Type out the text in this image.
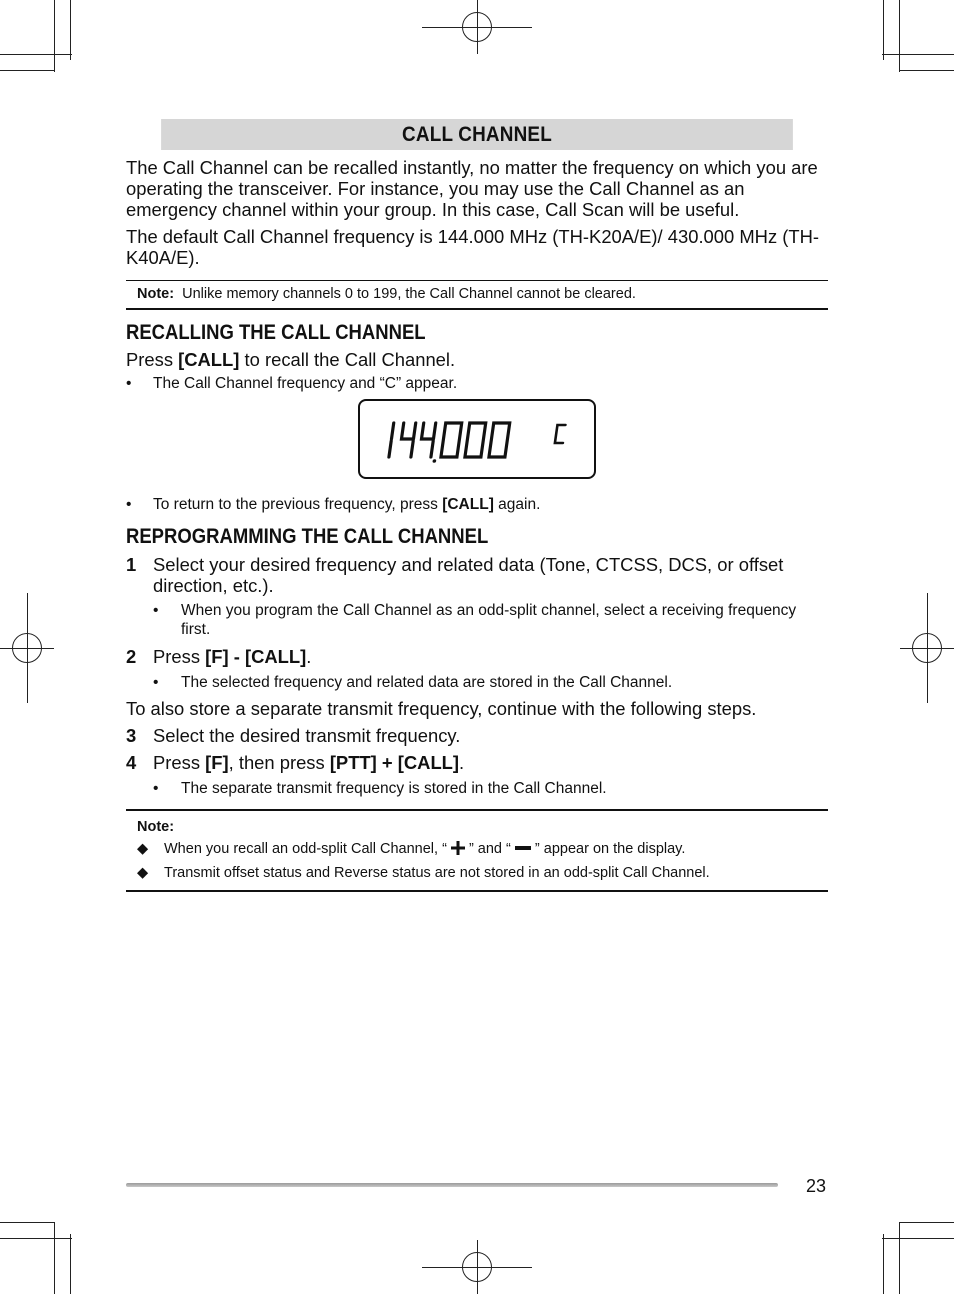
CALL CHANNEL

The Call Channel can be recalled instantly, no matter the frequency on which you are operating the transceiver. For instance, you may use the Call Channel as an emergency channel within your group. In this case, Call Scan will be useful.

The default Call Channel frequency is 144.000 MHz (TH-K20A/E)/ 430.000 MHz (TH-K40A/E).

Note: Unlike memory channels 0 to 199, the Call Channel cannot be cleared.
RECALLING THE CALL CHANNEL

Press [CALL] to recall the Call Channel.

• The Call Channel frequency and “C” appear.
• To return to the previous frequency, press [CALL] again.
REPROGRAMMING THE CALL CHANNEL
1 Select your desired frequency and related data (Tone, CTCSS, DCS, or offset direction, etc.).
• When you program the Call Channel as an odd-split channel, select a receiving frequency first.
2 Press [F] - [CALL].
• The selected frequency and related data are stored in the Call Channel.

To also store a separate transmit frequency, continue with the following steps.

3 Select the desired transmit frequency.
4 Press [F], then press [PTT] + [CALL].
• The separate transmit frequency is stored in the Call Channel.
Note:
◆ When you recall an odd-split Call Channel, “  ” and “  ” appear on the display.
◆ Transmit offset status and Reverse status are not stored in an odd-split Call Channel.
23
